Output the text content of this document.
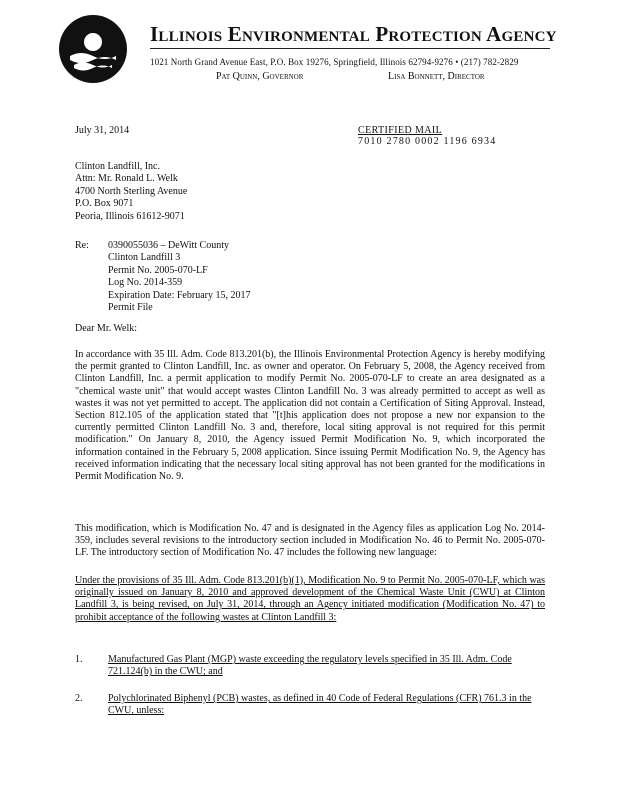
Illinois Environmental Protection Agency
1021 North Grand Avenue East, P.O. Box 19276, Springfield, Illinois 62794-9276 • (217) 782-2829
Pat Quinn, Governor	Lisa Bonnett, Director
July 31, 2014	CERTIFIED MAIL
7010 2780 0002 1196 6934
Clinton Landfill, Inc.
Attn: Mr. Ronald L. Welk
4700 North Sterling Avenue
P.O. Box 9071
Peoria, Illinois 61612-9071
Re: 0390055036 – DeWitt County
Clinton Landfill 3
Permit No. 2005-070-LF
Log No. 2014-359
Expiration Date: February 15, 2017
Permit File
Dear Mr. Welk:
In accordance with 35 Ill. Adm. Code 813.201(b), the Illinois Environmental Protection Agency is hereby modifying the permit granted to Clinton Landfill, Inc. as owner and operator. On February 5, 2008, the Agency received from Clinton Landfill, Inc. a permit application to modify Permit No. 2005-070-LF to create an area designated as a "chemical waste unit" that would accept wastes Clinton Landfill No. 3 was already permitted to accept as well as wastes it was not yet permitted to accept. The application did not contain a Certification of Siting Approval. Instead, Section 812.105 of the application stated that "[t]his application does not propose a new nor expansion to the currently permitted Clinton Landfill No. 3 and, therefore, local siting approval is not required for this permit modification." On January 8, 2010, the Agency issued Permit Modification No. 9, which incorporated the information contained in the February 5, 2008 application. Since issuing Permit Modification No. 9, the Agency has received information indicating that the necessary local siting approval has not been granted for the modifications in Permit Modification No. 9.
This modification, which is Modification No. 47 and is designated in the Agency files as application Log No. 2014-359, includes several revisions to the introductory section included in Modification No. 46 to Permit No. 2005-070-LF. The introductory section of Modification No. 47 includes the following new language:
Under the provisions of 35 Ill. Adm. Code 813.201(b)(1), Modification No. 9 to Permit No. 2005-070-LF, which was originally issued on January 8, 2010 and approved development of the Chemical Waste Unit (CWU) at Clinton Landfill 3, is being revised, on July 31, 2014, through an Agency initiated modification (Modification No. 47) to prohibit acceptance of the following wastes at Clinton Landfill 3:
1.	Manufactured Gas Plant (MGP) waste exceeding the regulatory levels specified in 35 Ill. Adm. Code 721.124(b) in the CWU; and
2.	Polychlorinated Biphenyl (PCB) wastes, as defined in 40 Code of Federal Regulations (CFR) 761.3 in the CWU, unless:
